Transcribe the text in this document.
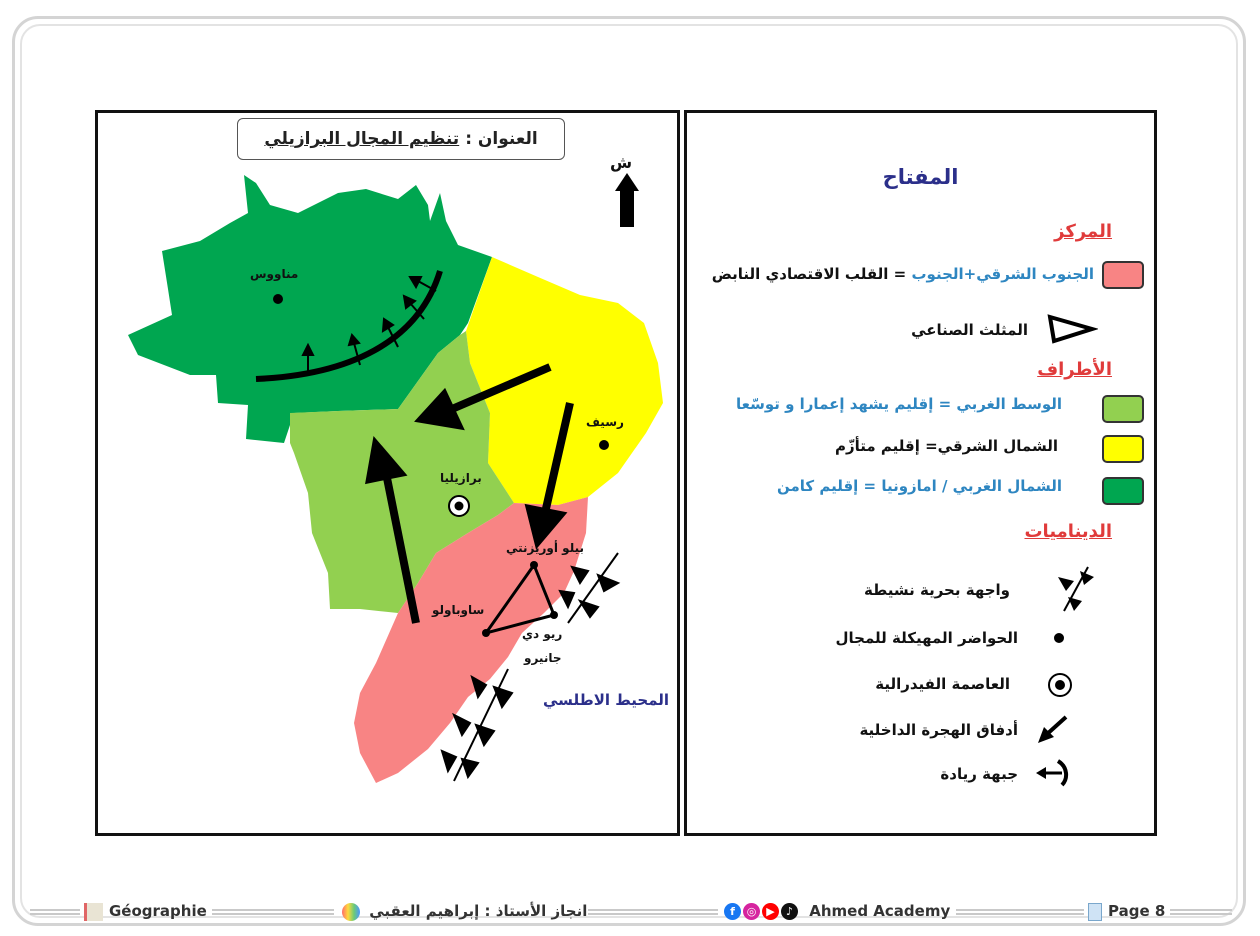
العنوان :
تنظيم المجال البرازيلي
ش
مناووس
رسيف
برازيليا
بيلو أوريزنتي
ساوباولو
ريو دي
جانيرو
المحيط الاطلسي
المفتاح
المركز
الجنوب الشرقي+الجنوب = القلب الاقتصادي النابض
المثلث الصناعي
الأطراف
الوسط الغربي = إقليم يشهد إعمارا و توسّعا
الشمال الشرقي= إقليم متأزّم
الشمال الغربي / امازونيا = إقليم كامن
الديناميات
واجهة بحرية نشيطة
الحواضر المهيكلة للمجال
العاصمة الفيدرالية
أدفاق الهجرة الداخلية
جبهة ريادة
Géographie	انجاز الأستاذ : إبراهيم العقبي	f ◎ ▶ ♪ Ahmed Academy	Page 8
